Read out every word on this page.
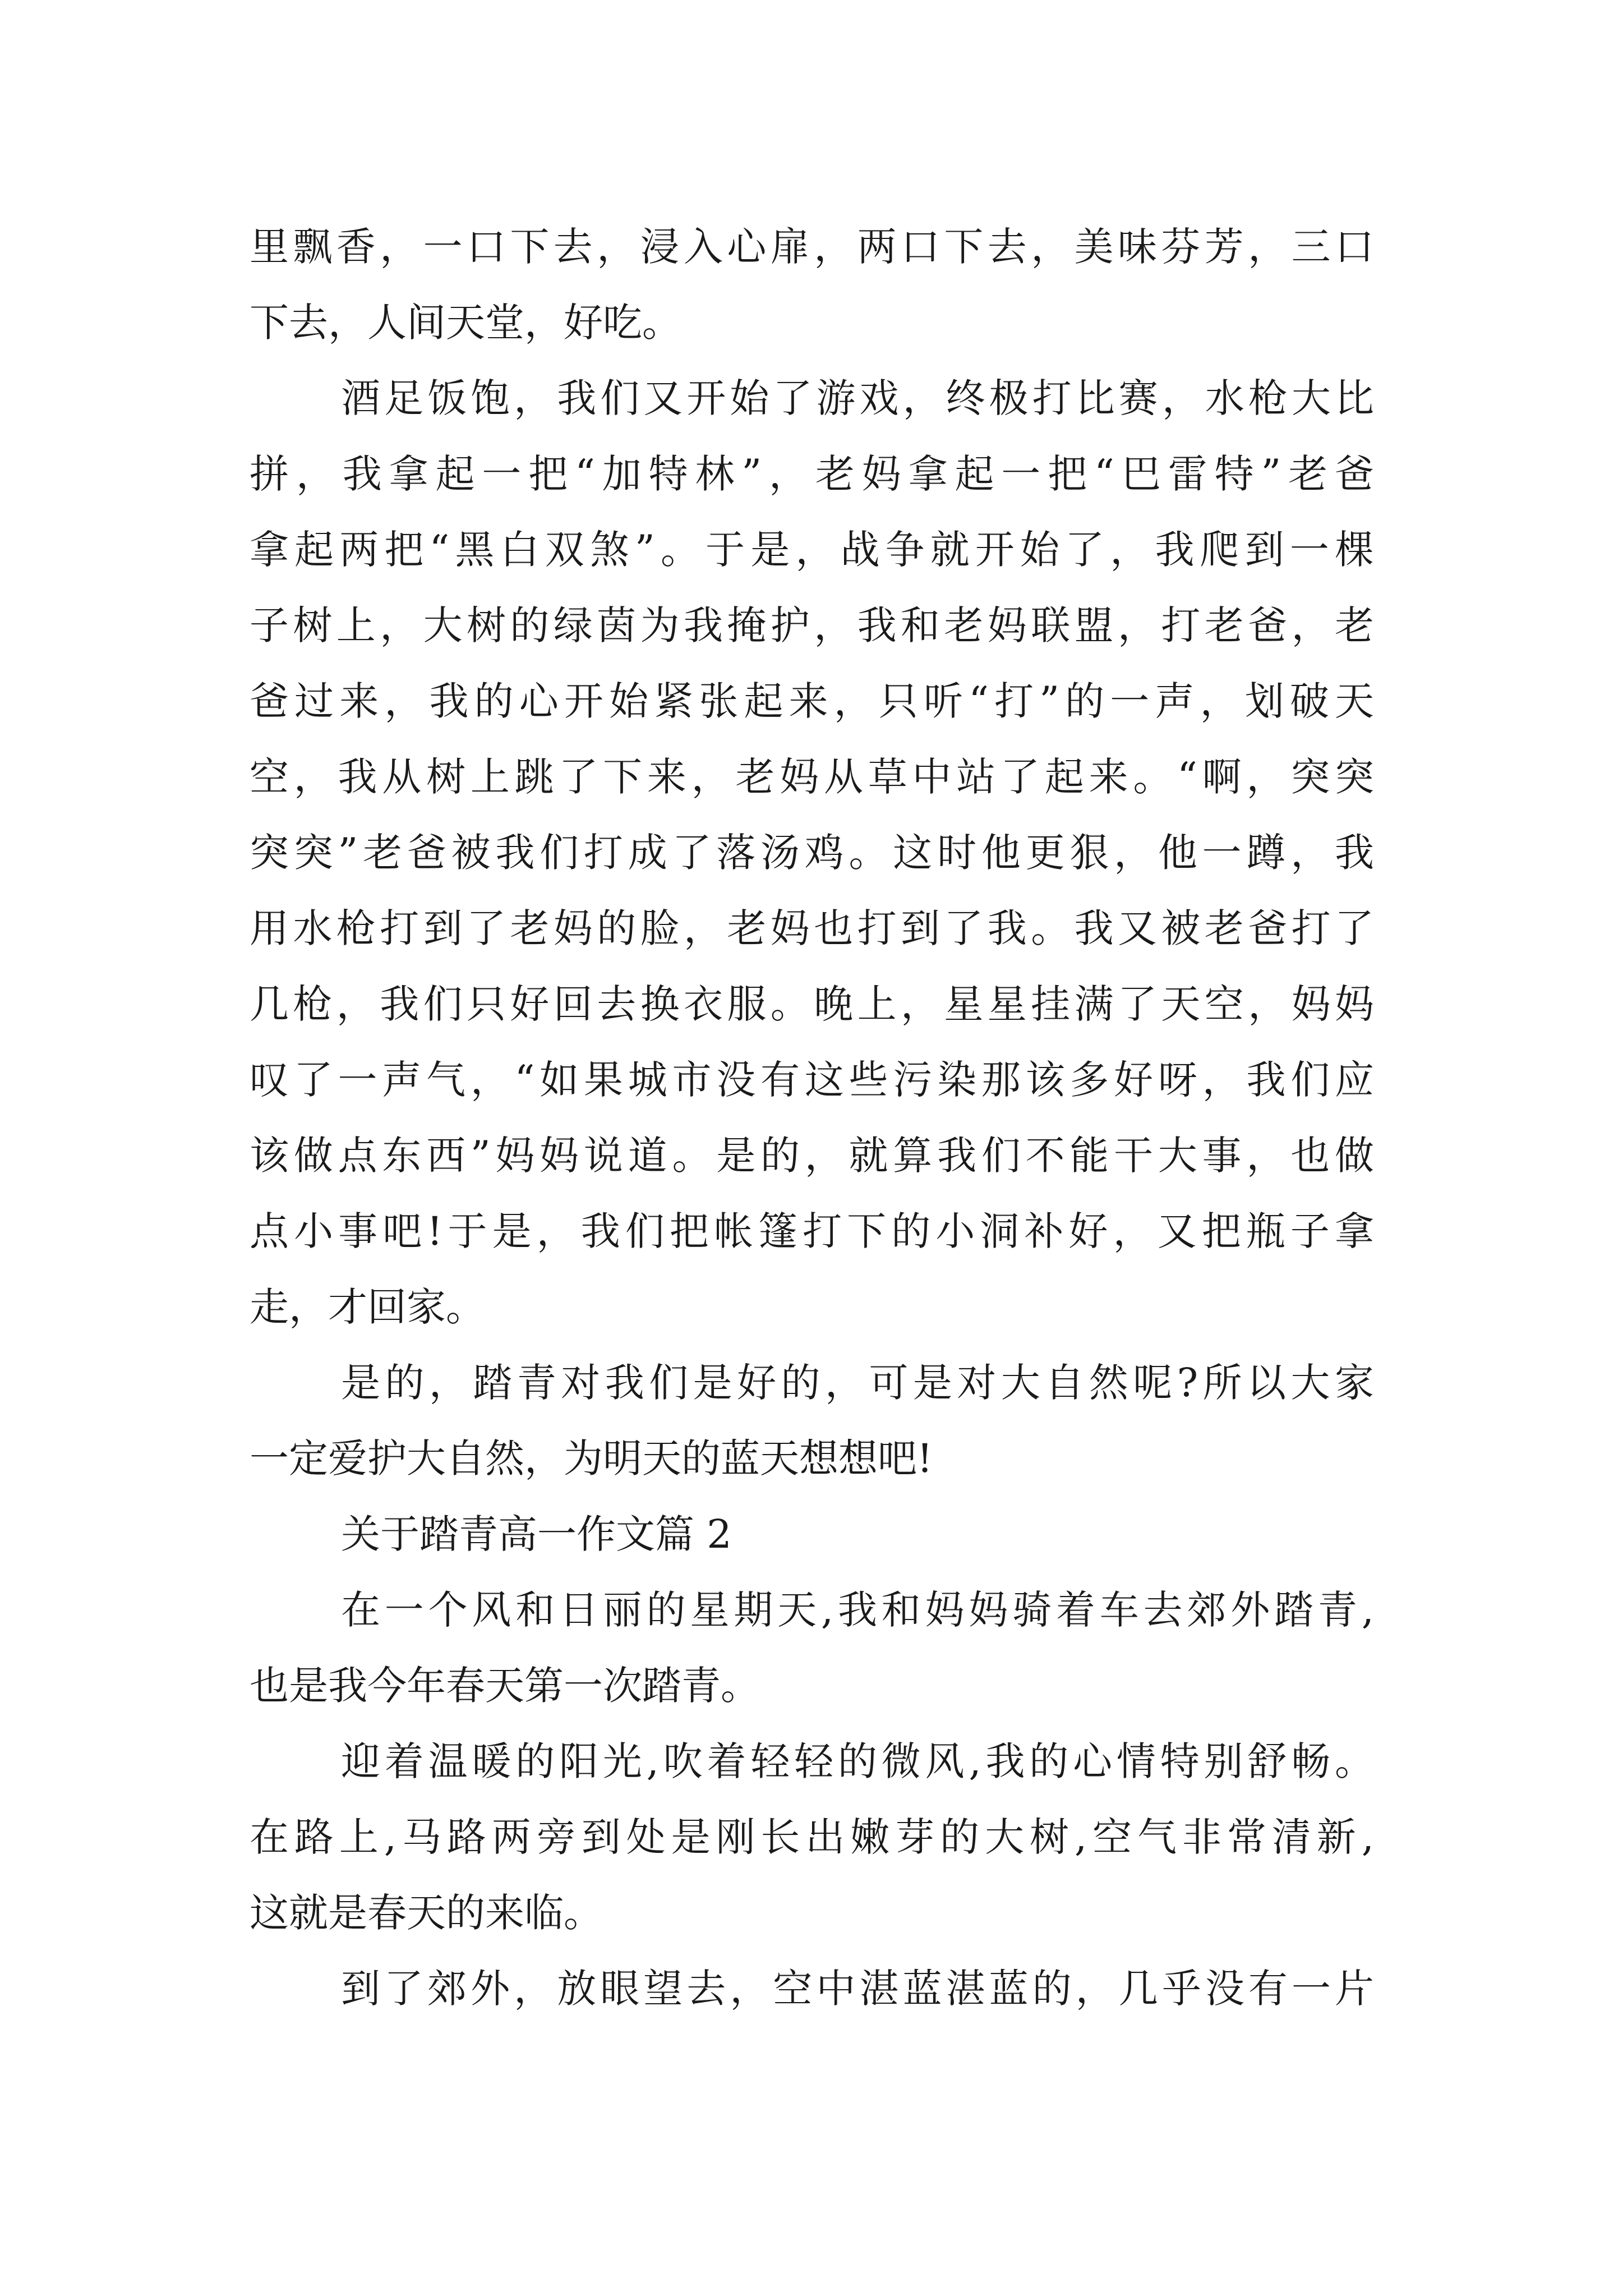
里飘香，一口下去，浸入心扉，两口下去，美味芬芳，三口

下去，人间天堂，好吃。

酒足饭饱，我们又开始了游戏，终极打比赛，水枪大比

拼，我拿起一把“加特林”，老妈拿起一把“巴雷特”老爸

拿起两把“黑白双煞”。于是，战争就开始了，我爬到一棵

子树上，大树的绿茵为我掩护，我和老妈联盟，打老爸，老

爸过来，我的心开始紧张起来，只听“打”的一声，划破天

空，我从树上跳了下来，老妈从草中站了起来。“啊，突突

突突”老爸被我们打成了落汤鸡。这时他更狠，他一蹲，我

用水枪打到了老妈的脸，老妈也打到了我。我又被老爸打了

几枪，我们只好回去换衣服。晚上，星星挂满了天空，妈妈

叹了一声气，“如果城市没有这些污染那该多好呀，我们应

该做点东西”妈妈说道。是的，就算我们不能干大事，也做

点小事吧!于是，我们把帐篷打下的小洞补好，又把瓶子拿

走，才回家。

是的，踏青对我们是好的，可是对大自然呢?所以大家

一定爱护大自然，为明天的蓝天想想吧!

关于踏青高一作文篇 2

在一个风和日丽的星期天,我和妈妈骑着车去郊外踏青,

也是我今年春天第一次踏青。

迎着温暖的阳光,吹着轻轻的微风,我的心情特别舒畅。

在路上,马路两旁到处是刚长出嫩芽的大树,空气非常清新,

这就是春天的来临。

到了郊外，放眼望去，空中湛蓝湛蓝的，几乎没有一片
